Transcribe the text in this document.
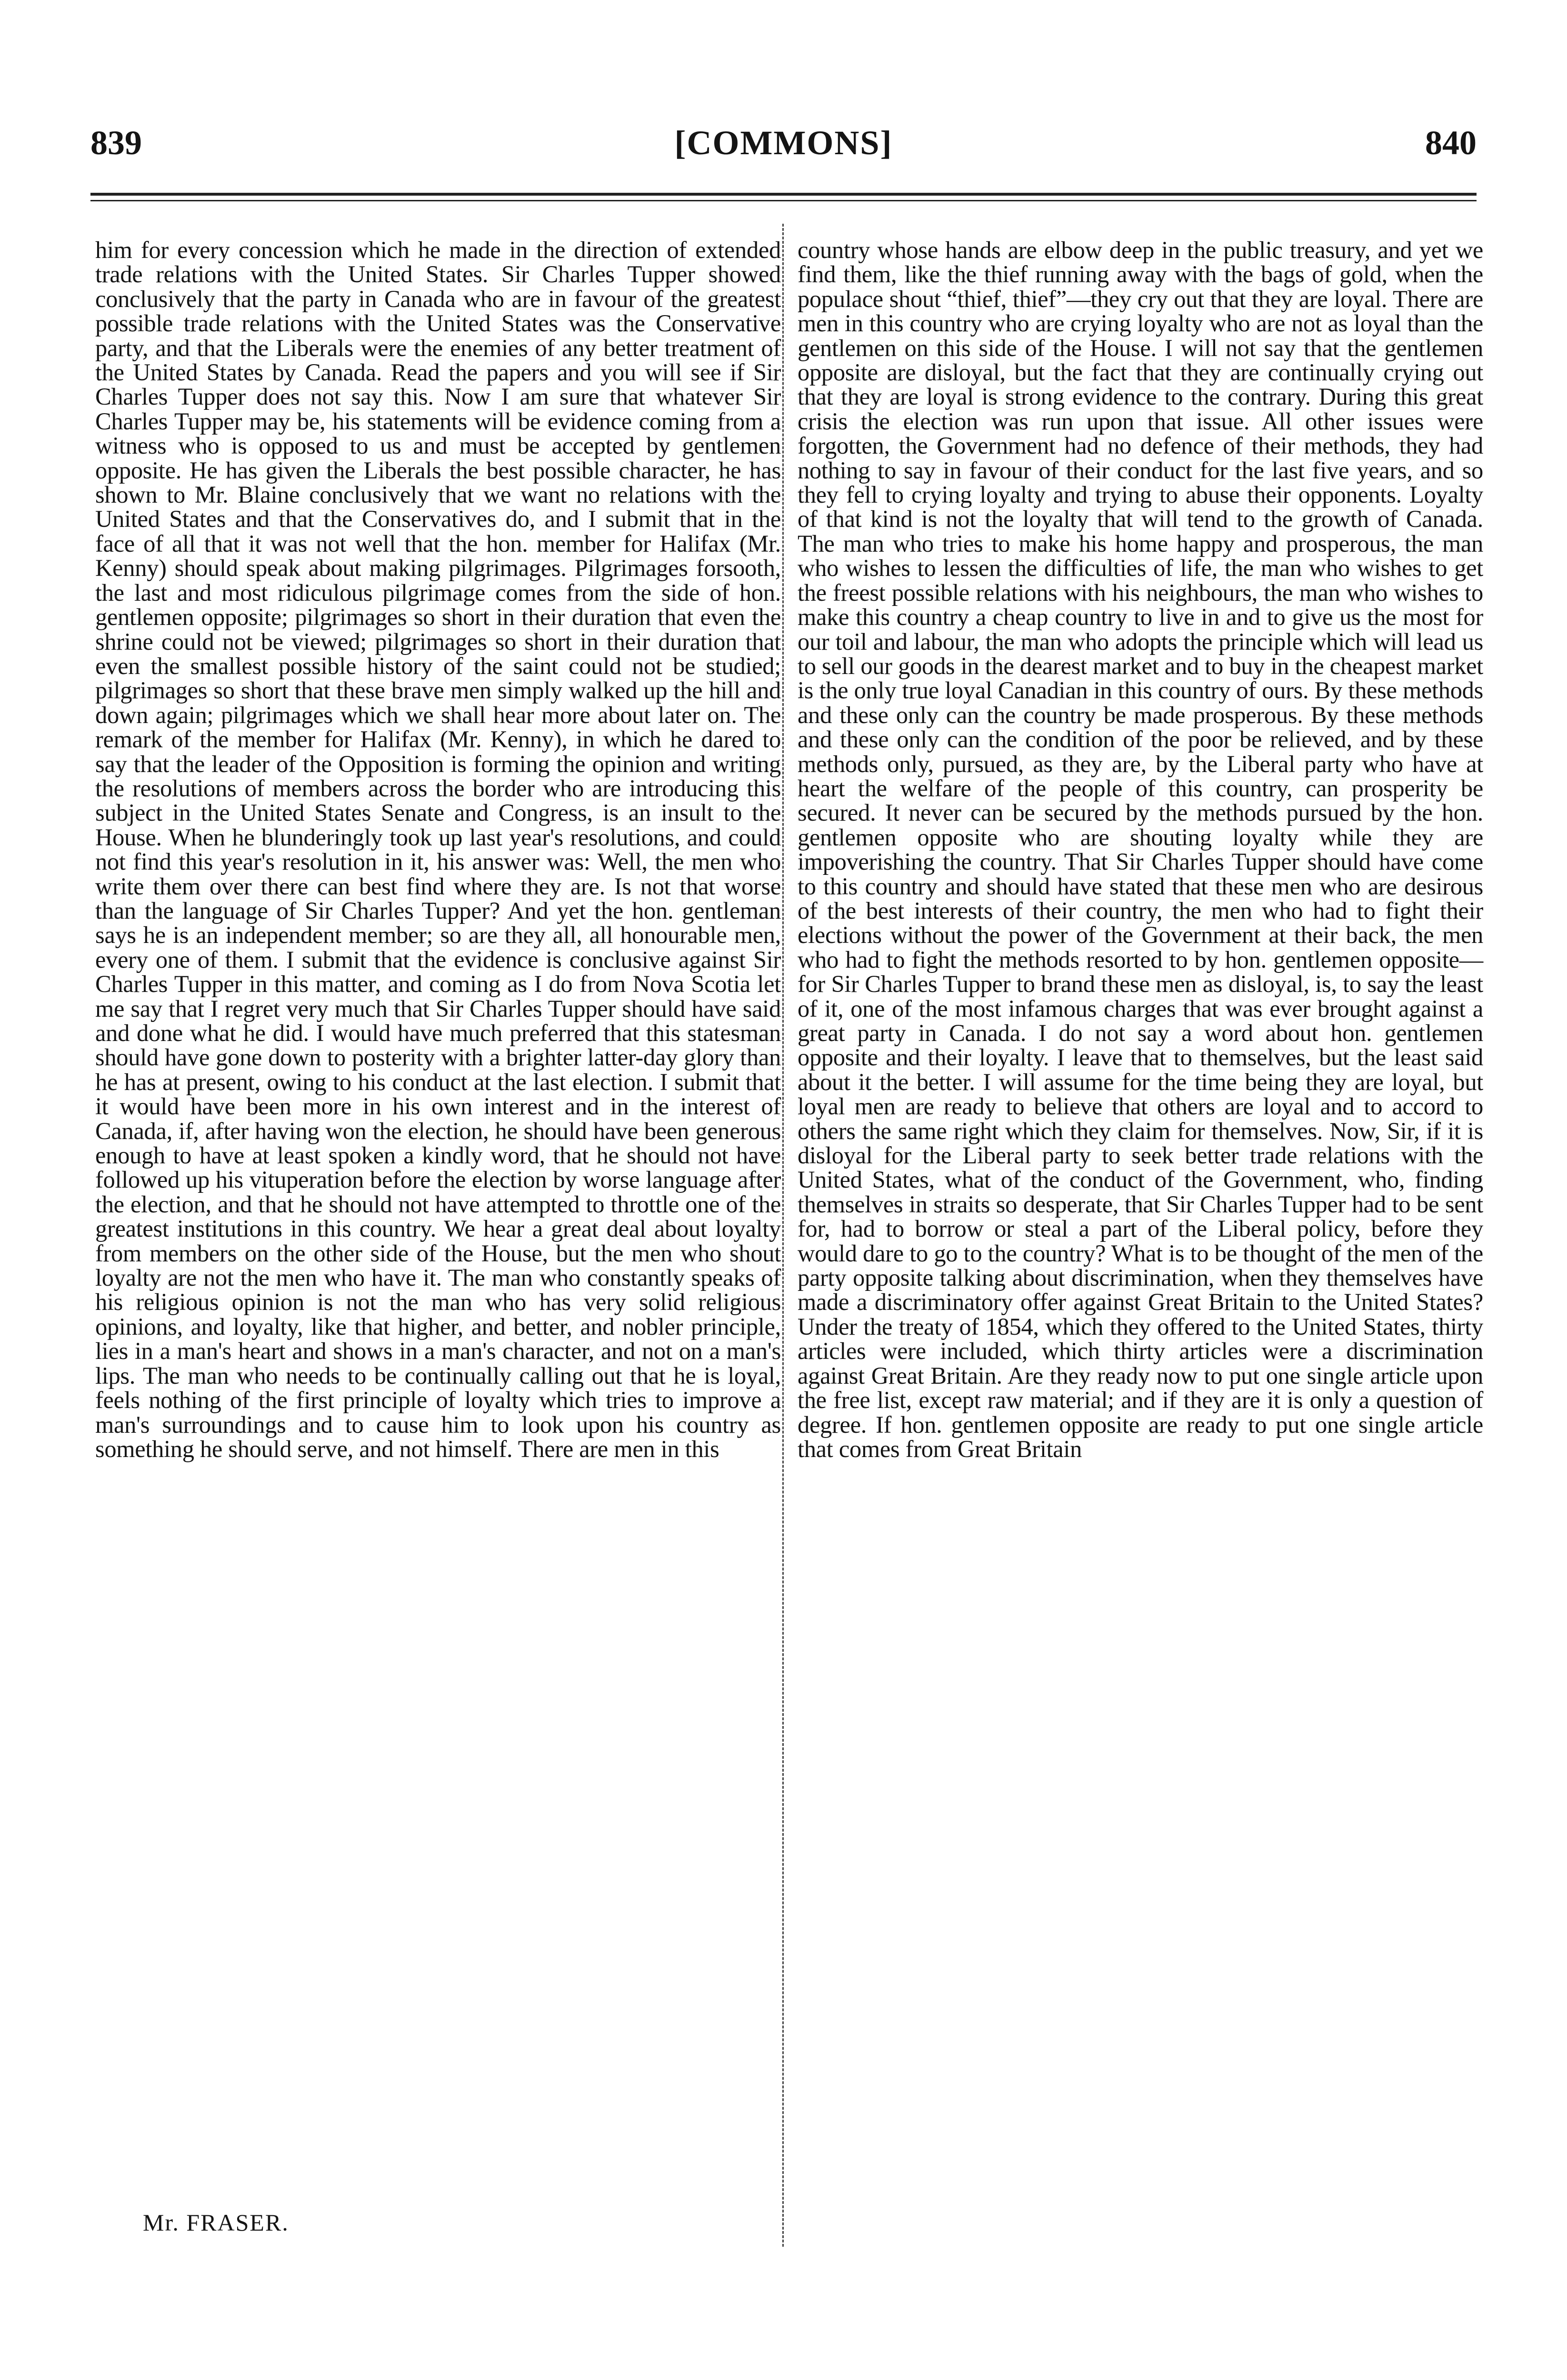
839	[COMMONS]	840
him for every concession which he made in the direction of extended trade relations with the United States. Sir Charles Tupper showed conclusively that the party in Canada who are in favour of the greatest possible trade relations with the United States was the Conservative party, and that the Liberals were the enemies of any better treatment of the United States by Canada. Read the papers and you will see if Sir Charles Tupper does not say this. Now I am sure that whatever Sir Charles Tupper may be, his statements will be evidence coming from a witness who is opposed to us and must be accepted by gentlemen opposite. He has given the Liberals the best possible character, he has shown to Mr. Blaine conclusively that we want no relations with the United States and that the Conservatives do, and I submit that in the face of all that it was not well that the hon. member for Halifax (Mr. Kenny) should speak about making pilgrimages. Pilgrimages forsooth, the last and most ridiculous pilgrimage comes from the side of hon. gentlemen opposite; pilgrimages so short in their duration that even the shrine could not be viewed; pilgrimages so short in their duration that even the smallest possible history of the saint could not be studied; pilgrimages so short that these brave men simply walked up the hill and down again; pilgrimages which we shall hear more about later on. The remark of the member for Halifax (Mr. Kenny), in which he dared to say that the leader of the Opposition is forming the opinion and writing the resolutions of members across the border who are introducing this subject in the United States Senate and Congress, is an insult to the House. When he blunderingly took up last year's resolutions, and could not find this year's resolution in it, his answer was: Well, the men who write them over there can best find where they are. Is not that worse than the language of Sir Charles Tupper? And yet the hon. gentleman says he is an independent member; so are they all, all honourable men, every one of them. I submit that the evidence is conclusive against Sir Charles Tupper in this matter, and coming as I do from Nova Scotia let me say that I regret very much that Sir Charles Tupper should have said and done what he did. I would have much preferred that this statesman should have gone down to posterity with a brighter latter-day glory than he has at present, owing to his conduct at the last election. I submit that it would have been more in his own interest and in the interest of Canada, if, after having won the election, he should have been generous enough to have at least spoken a kindly word, that he should not have followed up his vituperation before the election by worse language after the election, and that he should not have attempted to throttle one of the greatest institutions in this country. We hear a great deal about loyalty from members on the other side of the House, but the men who shout loyalty are not the men who have it. The man who constantly speaks of his religious opinion is not the man who has very solid religious opinions, and loyalty, like that higher, and better, and nobler principle, lies in a man's heart and shows in a man's character, and not on a man's lips. The man who needs to be continually calling out that he is loyal, feels nothing of the first principle of loyalty which tries to improve a man's surroundings and to cause him to look upon his country as something he should serve, and not himself. There are men in this
country whose hands are elbow deep in the public treasury, and yet we find them, like the thief running away with the bags of gold, when the populace shout “thief, thief”—they cry out that they are loyal. There are men in this country who are crying loyalty who are not as loyal than the gentlemen on this side of the House. I will not say that the gentlemen opposite are disloyal, but the fact that they are continually crying out that they are loyal is strong evidence to the contrary. During this great crisis the election was run upon that issue. All other issues were forgotten, the Government had no defence of their methods, they had nothing to say in favour of their conduct for the last five years, and so they fell to crying loyalty and trying to abuse their opponents. Loyalty of that kind is not the loyalty that will tend to the growth of Canada. The man who tries to make his home happy and prosperous, the man who wishes to lessen the difficulties of life, the man who wishes to get the freest possible relations with his neighbours, the man who wishes to make this country a cheap country to live in and to give us the most for our toil and labour, the man who adopts the principle which will lead us to sell our goods in the dearest market and to buy in the cheapest market is the only true loyal Canadian in this country of ours. By these methods and these only can the country be made prosperous. By these methods and these only can the condition of the poor be relieved, and by these methods only, pursued, as they are, by the Liberal party who have at heart the welfare of the people of this country, can prosperity be secured. It never can be secured by the methods pursued by the hon. gentlemen opposite who are shouting loyalty while they are impoverishing the country. That Sir Charles Tupper should have come to this country and should have stated that these men who are desirous of the best interests of their country, the men who had to fight their elections without the power of the Government at their back, the men who had to fight the methods resorted to by hon. gentlemen opposite—for Sir Charles Tupper to brand these men as disloyal, is, to say the least of it, one of the most infamous charges that was ever brought against a great party in Canada. I do not say a word about hon. gentlemen opposite and their loyalty. I leave that to themselves, but the least said about it the better. I will assume for the time being they are loyal, but loyal men are ready to believe that others are loyal and to accord to others the same right which they claim for themselves. Now, Sir, if it is disloyal for the Liberal party to seek better trade relations with the United States, what of the conduct of the Government, who, finding themselves in straits so desperate, that Sir Charles Tupper had to be sent for, had to borrow or steal a part of the Liberal policy, before they would dare to go to the country? What is to be thought of the men of the party opposite talking about discrimination, when they themselves have made a discriminatory offer against Great Britain to the United States? Under the treaty of 1854, which they offered to the United States, thirty articles were included, which thirty articles were a discrimination against Great Britain. Are they ready now to put one single article upon the free list, except raw material; and if they are it is only a question of degree. If hon. gentlemen opposite are ready to put one single article that comes from Great Britain
Mr. FRASER.
